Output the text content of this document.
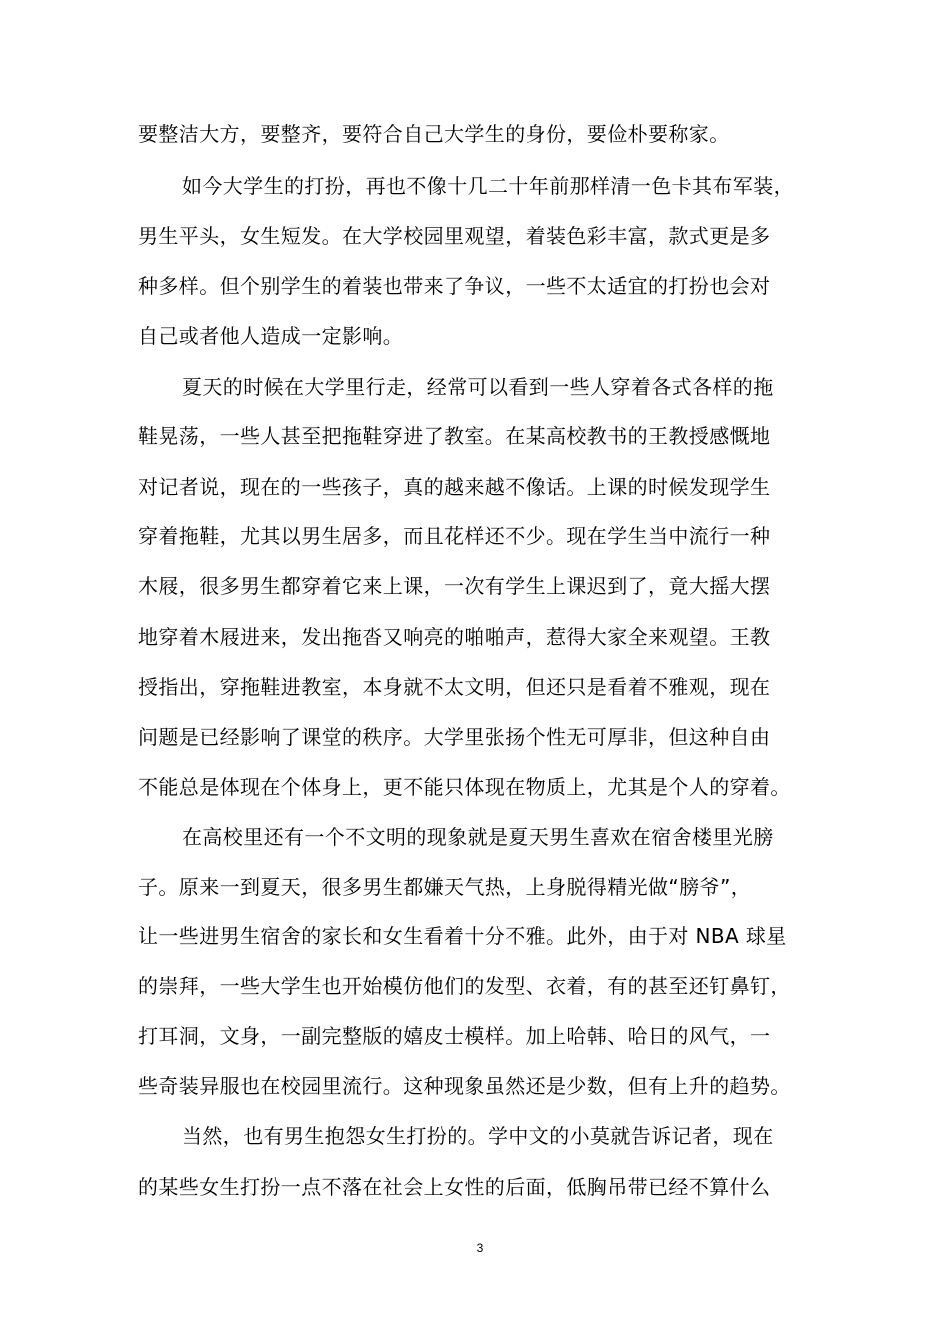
要整洁大方，要整齐，要符合自己大学生的身份，要俭朴要称家。
如今大学生的打扮，再也不像十几二十年前那样清一色卡其布军装，
男生平头，女生短发。在大学校园里观望，着装色彩丰富，款式更是多
种多样。但个别学生的着装也带来了争议，一些不太适宜的打扮也会对
自己或者他人造成一定影响。
夏天的时候在大学里行走，经常可以看到一些人穿着各式各样的拖
鞋晃荡，一些人甚至把拖鞋穿进了教室。在某高校教书的王教授感慨地
对记者说，现在的一些孩子，真的越来越不像话。上课的时候发现学生
穿着拖鞋，尤其以男生居多，而且花样还不少。现在学生当中流行一种
木屐，很多男生都穿着它来上课，一次有学生上课迟到了，竟大摇大摆
地穿着木屐进来，发出拖沓又响亮的啪啪声，惹得大家全来观望。王教
授指出，穿拖鞋进教室，本身就不太文明，但还只是看着不雅观，现在
问题是已经影响了课堂的秩序。大学里张扬个性无可厚非，但这种自由
不能总是体现在个体身上，更不能只体现在物质上，尤其是个人的穿着。
在高校里还有一个不文明的现象就是夏天男生喜欢在宿舍楼里光膀
子。原来一到夏天，很多男生都嫌天气热，上身脱得精光做“膀爷”，
让一些进男生宿舍的家长和女生看着十分不雅。此外，由于对 NBA 球星
的崇拜，一些大学生也开始模仿他们的发型、衣着，有的甚至还钉鼻钉，
打耳洞，文身，一副完整版的嬉皮士模样。加上哈韩、哈日的风气，一
些奇装异服也在校园里流行。这种现象虽然还是少数，但有上升的趋势。
当然，也有男生抱怨女生打扮的。学中文的小莫就告诉记者，现在
的某些女生打扮一点不落在社会上女性的后面，低胸吊带已经不算什么
3
